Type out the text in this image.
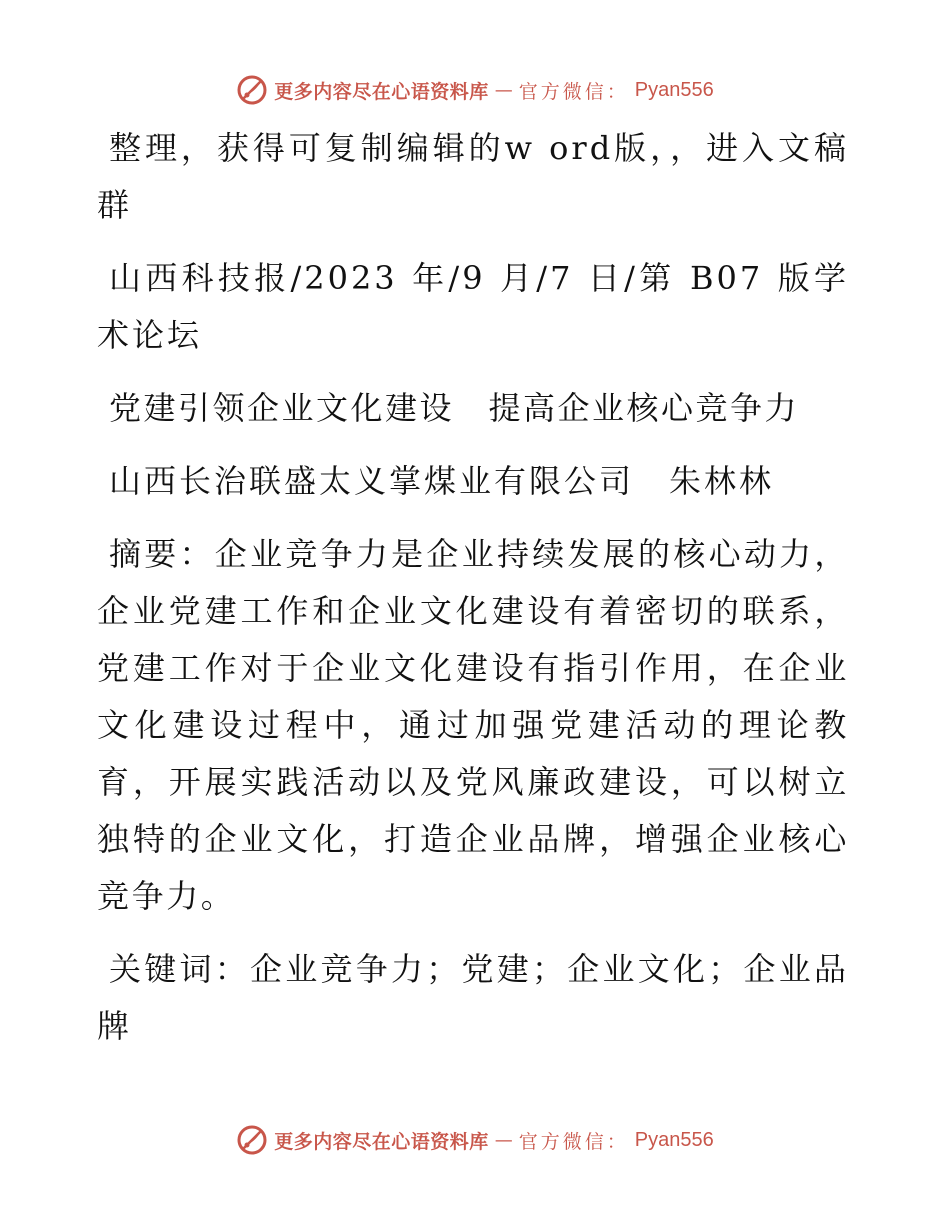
更多内容尽在心语资料库 — 官方微信： Pyan556

整理，获得可复制编辑的w ord版，，进入文稿群

山西科技报/2023 年/9 月/7 日/第 B07 版学术论坛

党建引领企业文化建设　提高企业核心竞争力

山西长治联盛太义掌煤业有限公司　朱林林

摘要：企业竞争力是企业持续发展的核心动力，企业党建工作和企业文化建设有着密切的联系，党建工作对于企业文化建设有指引作用，在企业文化建设过程中，通过加强党建活动的理论教育，开展实践活动以及党风廉政建设，可以树立独特的企业文化，打造企业品牌，增强企业核心竞争力。

关键词：企业竞争力；党建；企业文化；企业品牌

更多内容尽在心语资料库 — 官方微信： Pyan556
